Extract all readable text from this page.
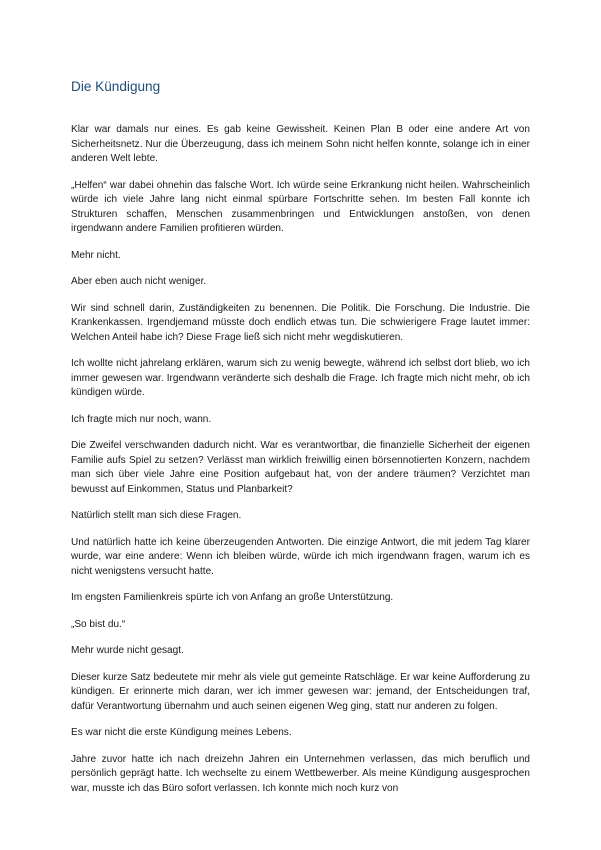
Die Kündigung

Klar war damals nur eines. Es gab keine Gewissheit. Keinen Plan B oder eine andere Art von Sicherheitsnetz. Nur die Überzeugung, dass ich meinem Sohn nicht helfen konnte, solange ich in einer anderen Welt lebte.

„Helfen“ war dabei ohnehin das falsche Wort. Ich würde seine Erkrankung nicht heilen. Wahrscheinlich würde ich viele Jahre lang nicht einmal spürbare Fortschritte sehen. Im besten Fall konnte ich Strukturen schaffen, Menschen zusammenbringen und Entwicklungen anstoßen, von denen irgendwann andere Familien profitieren würden.

Mehr nicht.

Aber eben auch nicht weniger.

Wir sind schnell darin, Zuständigkeiten zu benennen. Die Politik. Die Forschung. Die Industrie. Die Krankenkassen. Irgendjemand müsste doch endlich etwas tun. Die schwierigere Frage lautet immer: Welchen Anteil habe ich? Diese Frage ließ sich nicht mehr wegdiskutieren.

Ich wollte nicht jahrelang erklären, warum sich zu wenig bewegte, während ich selbst dort blieb, wo ich immer gewesen war. Irgendwann veränderte sich deshalb die Frage. Ich fragte mich nicht mehr, ob ich kündigen würde.

Ich fragte mich nur noch, wann.

Die Zweifel verschwanden dadurch nicht. War es verantwortbar, die finanzielle Sicherheit der eigenen Familie aufs Spiel zu setzen? Verlässt man wirklich freiwillig einen börsennotierten Konzern, nachdem man sich über viele Jahre eine Position aufgebaut hat, von der andere träumen? Verzichtet man bewusst auf Einkommen, Status und Planbarkeit?

Natürlich stellt man sich diese Fragen.

Und natürlich hatte ich keine überzeugenden Antworten. Die einzige Antwort, die mit jedem Tag klarer wurde, war eine andere: Wenn ich bleiben würde, würde ich mich irgendwann fragen, warum ich es nicht wenigstens versucht hatte.

Im engsten Familienkreis spürte ich von Anfang an große Unterstützung.

„So bist du.“

Mehr wurde nicht gesagt.

Dieser kurze Satz bedeutete mir mehr als viele gut gemeinte Ratschläge. Er war keine Aufforderung zu kündigen. Er erinnerte mich daran, wer ich immer gewesen war: jemand, der Entscheidungen traf, dafür Verantwortung übernahm und auch seinen eigenen Weg ging, statt nur anderen zu folgen.

Es war nicht die erste Kündigung meines Lebens.

Jahre zuvor hatte ich nach dreizehn Jahren ein Unternehmen verlassen, das mich beruflich und persönlich geprägt hatte. Ich wechselte zu einem Wettbewerber. Als meine Kündigung ausgesprochen war, musste ich das Büro sofort verlassen. Ich konnte mich noch kurz von
